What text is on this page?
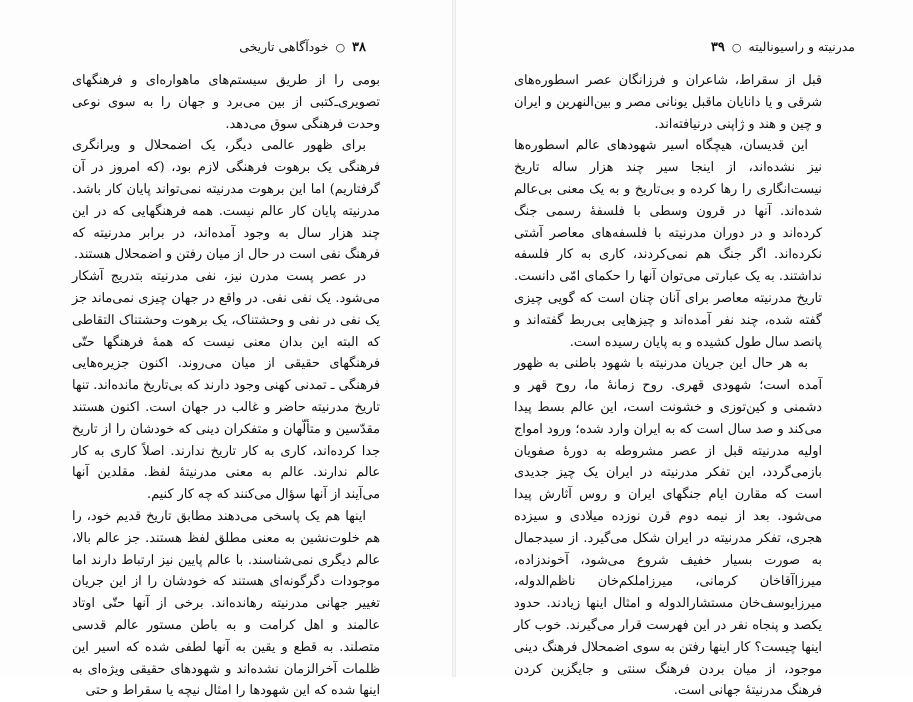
۳۸ ○ خودآگاهی تاریخی

بومی را از طریق سیستم‌های ماهواره‌ای و فرهنگهای تصویری‌ـ‌کتبی از بین می‌برد و جهان را به سوی نوعی وحدت فرهنگی سوق می‌دهد.

برای ظهور عالمی دیگر، یک اضمحلال و ویرانگری فرهنگی یک برهوت فرهنگی لازم بود، (که امروز در آن گرفتاریم) اما این برهوت مدرنیته نمی‌تواند پایان کار باشد. مدرنیته پایان کار عالم نیست. همه فرهنگهایی که در این چند هزار سال به وجود آمده‌اند، در برابر مدرنیته که فرهنگ نفی است در حال از میان رفتن و اضمحلال هستند.

در عصر پست مدرن نیز، نفی مدرنیته بتدریج آشکار می‌شود. یک نفی نفی. در واقع در جهان چیزی نمی‌ماند جز یک نفی در نفی و وحشتناک، یک برهوت وحشتناک التقاطی که البته این بدان معنی نیست که همهٔ فرهنگها حتّی فرهنگهای حقیقی از میان می‌روند. اکنون جزیره‌هایی فرهنگی ـ تمدنی کهنی وجود دارند که بی‌تاریخ مانده‌اند. تنها تاریخ مدرنیته حاضر و غالب در جهان است. اکنون هستند مقدّسین و متألّهان و متفکران دینی که خودشان را از تاریخ جدا کرده‌اند، کاری به کار تاریخ ندارند. اصلاً کاری به کار عالم ندارند. عالم به معنی مدرنیتهٔ لفظ. مقلدین آنها می‌آیند از آنها سؤال می‌کنند که چه کار کنیم.

اینها هم یک پاسخی می‌دهند مطابق تاریخ قدیم خود، را هم خلوت‌نشین به معنی مطلق لفظ هستند. جز عالم بالا، عالم دیگری نمی‌شناسند. با عالم پایین نیز ارتباط دارند اما موجودات دگرگونه‌ای هستند که خودشان را از این جریان تغییر جهانی مدرنیته رهانده‌اند. برخی از آنها حتّی اوتاد عالمند و اهل کرامت و به باطن مستور عالم قدسی متصلند. به قطع و یقین به آنها لطفی شده که اسیر این ظلمات آخرالزمان نشده‌اند و شهودهای حقیقی ویژه‌ای به اینها شده که این شهودها را امثال نیچه یا سقراط و حتی

مدرنیته و راسیونالیته ○ ۳۹

قبل از سقراط، شاعران و فرزانگان عصر اسطوره‌های شرقی و یا دانایان ماقبل یونانی مصر و بین‌النهرین و ایران و چین و هند و ژاپنی درنیافته‌اند.

این قدیسان، هیچگاه اسیر شهودهای عالم اسطوره‌ها نیز نشده‌اند، از اینجا سیر چند هزار ساله تاریخ نیست‌انگاری را رها کرده و بی‌تاریخ و به یک معنی بی‌عالم شده‌اند. آنها در قرون وسطی با فلسفهٔ رسمی جنگ کرده‌اند و در دوران مدرنیته با فلسفه‌های معاصر آشتی نکرده‌اند. اگر جنگ هم نمی‌کردند، کاری به کار فلسفه نداشتند. به یک عبارتی می‌توان آنها را حکمای امّی دانست. تاریخ مدرنیته معاصر برای آنان چنان است که گویی چیزی گفته شده، چند نفر آمده‌اند و چیزهایی بی‌ربط گفته‌اند و پانصد سال طول کشیده و به پایان رسیده است.

به هر حال این جریان مدرنیته با شهود باطنی به ظهور آمده است؛ شهودی قهری. روح زمانهٔ ما، روح قهر و دشمنی و کین‌توزی و خشونت است، این عالم بسط پیدا می‌کند و صد سال است که به ایران وارد شده؛ ورود امواج اولیه مدرنیته قبل از عصر مشروطه به دورهٔ صفویان بازمی‌گردد، این تفکر مدرنیته در ایران یک چیز جدیدی است که مقارن ایام جنگهای ایران و روس آثارش پیدا می‌شود. بعد از نیمه دوم قرن نوزده میلادی و سیزده هجری، تفکر مدرنیته در ایران شکل می‌گیرد. از سیدجمال به صورت بسیار خفیف شروع می‌شود، آخوندزاده، میرزاآقاخان کرمانی، میرزاملکم‌خان ناظم‌الدوله، میرزایوسف‌خان مستشارالدوله و امثال اینها زیادند. حدود یکصد و پنجاه نفر در این فهرست قرار می‌گیرند. خوب کار اینها چیست؟ کار اینها رفتن به سوی اضمحلال فرهنگ دینی موجود، از میان بردن فرهنگ سنتی و جایگزین کردن فرهنگ مدرنیتهٔ جهانی است.
